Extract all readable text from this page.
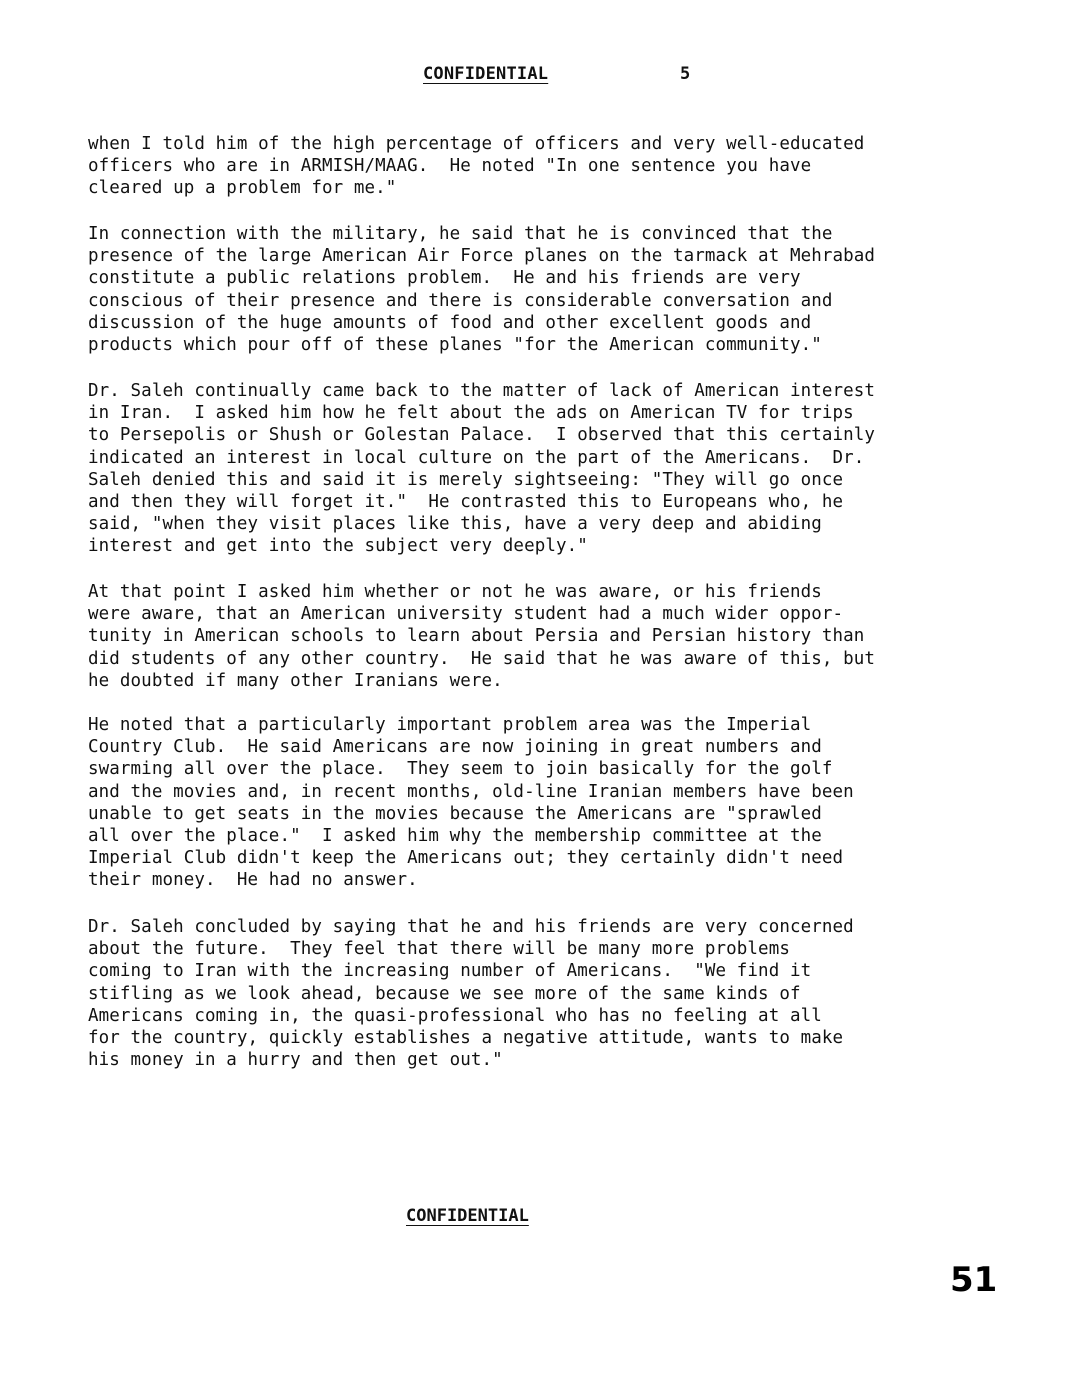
CONFIDENTIAL	5
when I told him of the high percentage of officers and very well-educated
officers who are in ARMISH/MAAG.  He noted "In one sentence you have
cleared up a problem for me."
In connection with the military, he said that he is convinced that the
presence of the large American Air Force planes on the tarmack at Mehrabad
constitute a public relations problem.  He and his friends are very
conscious of their presence and there is considerable conversation and
discussion of the huge amounts of food and other excellent goods and
products which pour off of these planes "for the American community."
Dr. Saleh continually came back to the matter of lack of American interest
in Iran.  I asked him how he felt about the ads on American TV for trips
to Persepolis or Shush or Golestan Palace.  I observed that this certainly
indicated an interest in local culture on the part of the Americans.  Dr.
Saleh denied this and said it is merely sightseeing: "They will go once
and then they will forget it."  He contrasted this to Europeans who, he
said, "when they visit places like this, have a very deep and abiding
interest and get into the subject very deeply."
At that point I asked him whether or not he was aware, or his friends
were aware, that an American university student had a much wider oppor-
tunity in American schools to learn about Persia and Persian history than
did students of any other country.  He said that he was aware of this, but
he doubted if many other Iranians were.
He noted that a particularly important problem area was the Imperial
Country Club.  He said Americans are now joining in great numbers and
swarming all over the place.  They seem to join basically for the golf
and the movies and, in recent months, old-line Iranian members have been
unable to get seats in the movies because the Americans are "sprawled
all over the place."  I asked him why the membership committee at the
Imperial Club didn't keep the Americans out; they certainly didn't need
their money.  He had no answer.
Dr. Saleh concluded by saying that he and his friends are very concerned
about the future.  They feel that there will be many more problems
coming to Iran with the increasing number of Americans.  "We find it
stifling as we look ahead, because we see more of the same kinds of
Americans coming in, the quasi-professional who has no feeling at all
for the country, quickly establishes a negative attitude, wants to make
his money in a hurry and then get out."
CONFIDENTIAL
51
